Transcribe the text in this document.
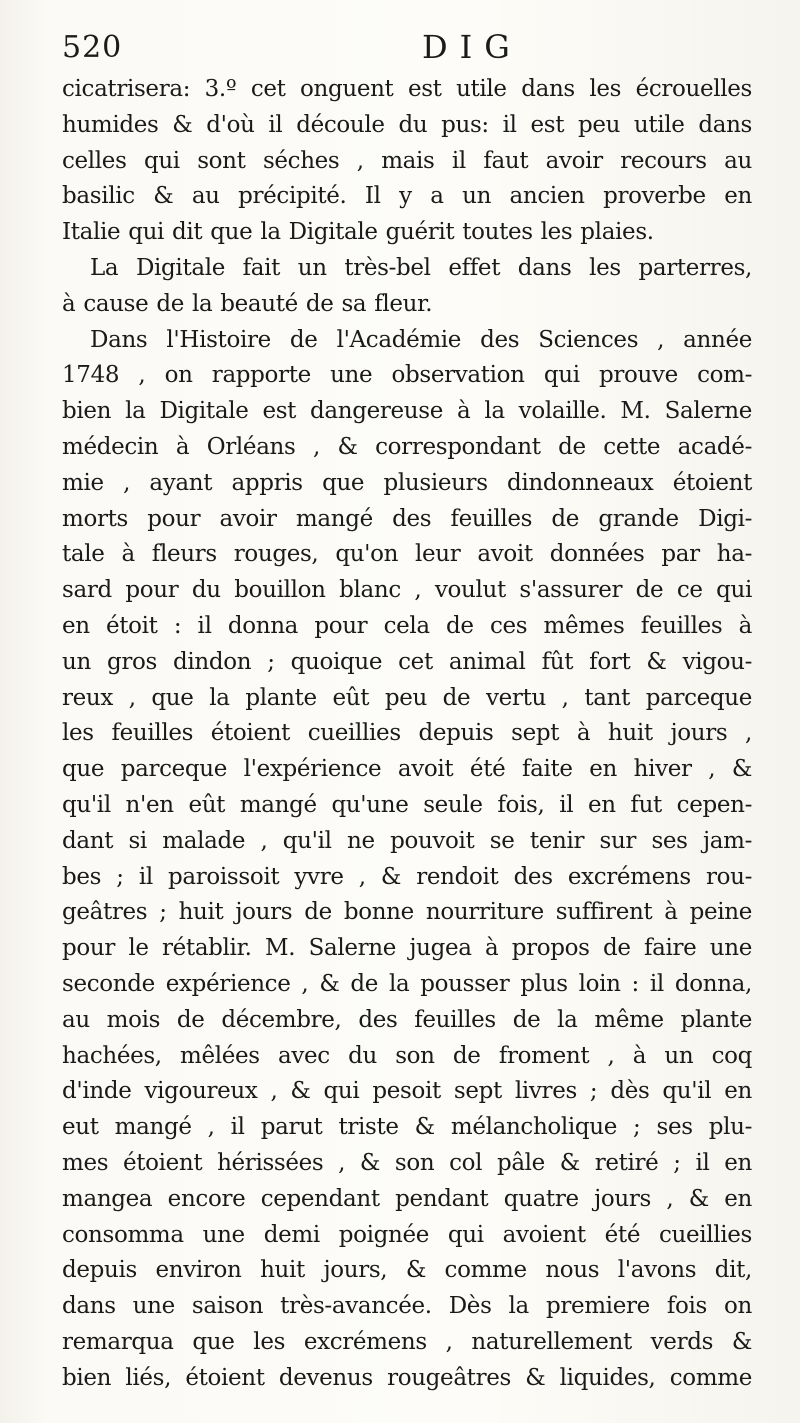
520	DIG
cicatrisera: 3.º cet onguent est utile dans les écrouelles
humides & d'où il découle du pus: il est peu utile dans
celles qui sont séches , mais il faut avoir recours au
basilic & au précipité. Il y a un ancien proverbe en
Italie qui dit que la Digitale guérit toutes les plaies.
La Digitale fait un très-bel effet dans les parterres,
à cause de la beauté de sa fleur.
Dans l'Histoire de l'Académie des Sciences , année
1748 , on rapporte une observation qui prouve com-
bien la Digitale est dangereuse à la volaille. M. Salerne
médecin à Orléans , & correspondant de cette acadé-
mie , ayant appris que plusieurs dindonneaux étoient
morts pour avoir mangé des feuilles de grande Digi-
tale à fleurs rouges, qu'on leur avoit données par ha-
sard pour du bouillon blanc , voulut s'assurer de ce qui
en étoit : il donna pour cela de ces mêmes feuilles à
un gros dindon ; quoique cet animal fût fort & vigou-
reux , que la plante eût peu de vertu , tant parceque
les feuilles étoient cueillies depuis sept à huit jours ,
que parceque l'expérience avoit été faite en hiver , &
qu'il n'en eût mangé qu'une seule fois, il en fut cepen-
dant si malade , qu'il ne pouvoit se tenir sur ses jam-
bes ; il paroissoit yvre , & rendoit des excrémens rou-
geâtres ; huit jours de bonne nourriture suffirent à peine
pour le rétablir. M. Salerne jugea à propos de faire une
seconde expérience , & de la pousser plus loin : il donna,
au mois de décembre, des feuilles de la même plante
hachées, mêlées avec du son de froment , à un coq
d'inde vigoureux , & qui pesoit sept livres ; dès qu'il en
eut mangé , il parut triste & mélancholique ; ses plu-
mes étoient hérissées , & son col pâle & retiré ; il en
mangea encore cependant pendant quatre jours , & en
consomma une demi poignée qui avoient été cueillies
depuis environ huit jours, & comme nous l'avons dit,
dans une saison très-avancée. Dès la premiere fois on
remarqua que les excrémens , naturellement verds &
bien liés, étoient devenus rougeâtres & liquides, comme
